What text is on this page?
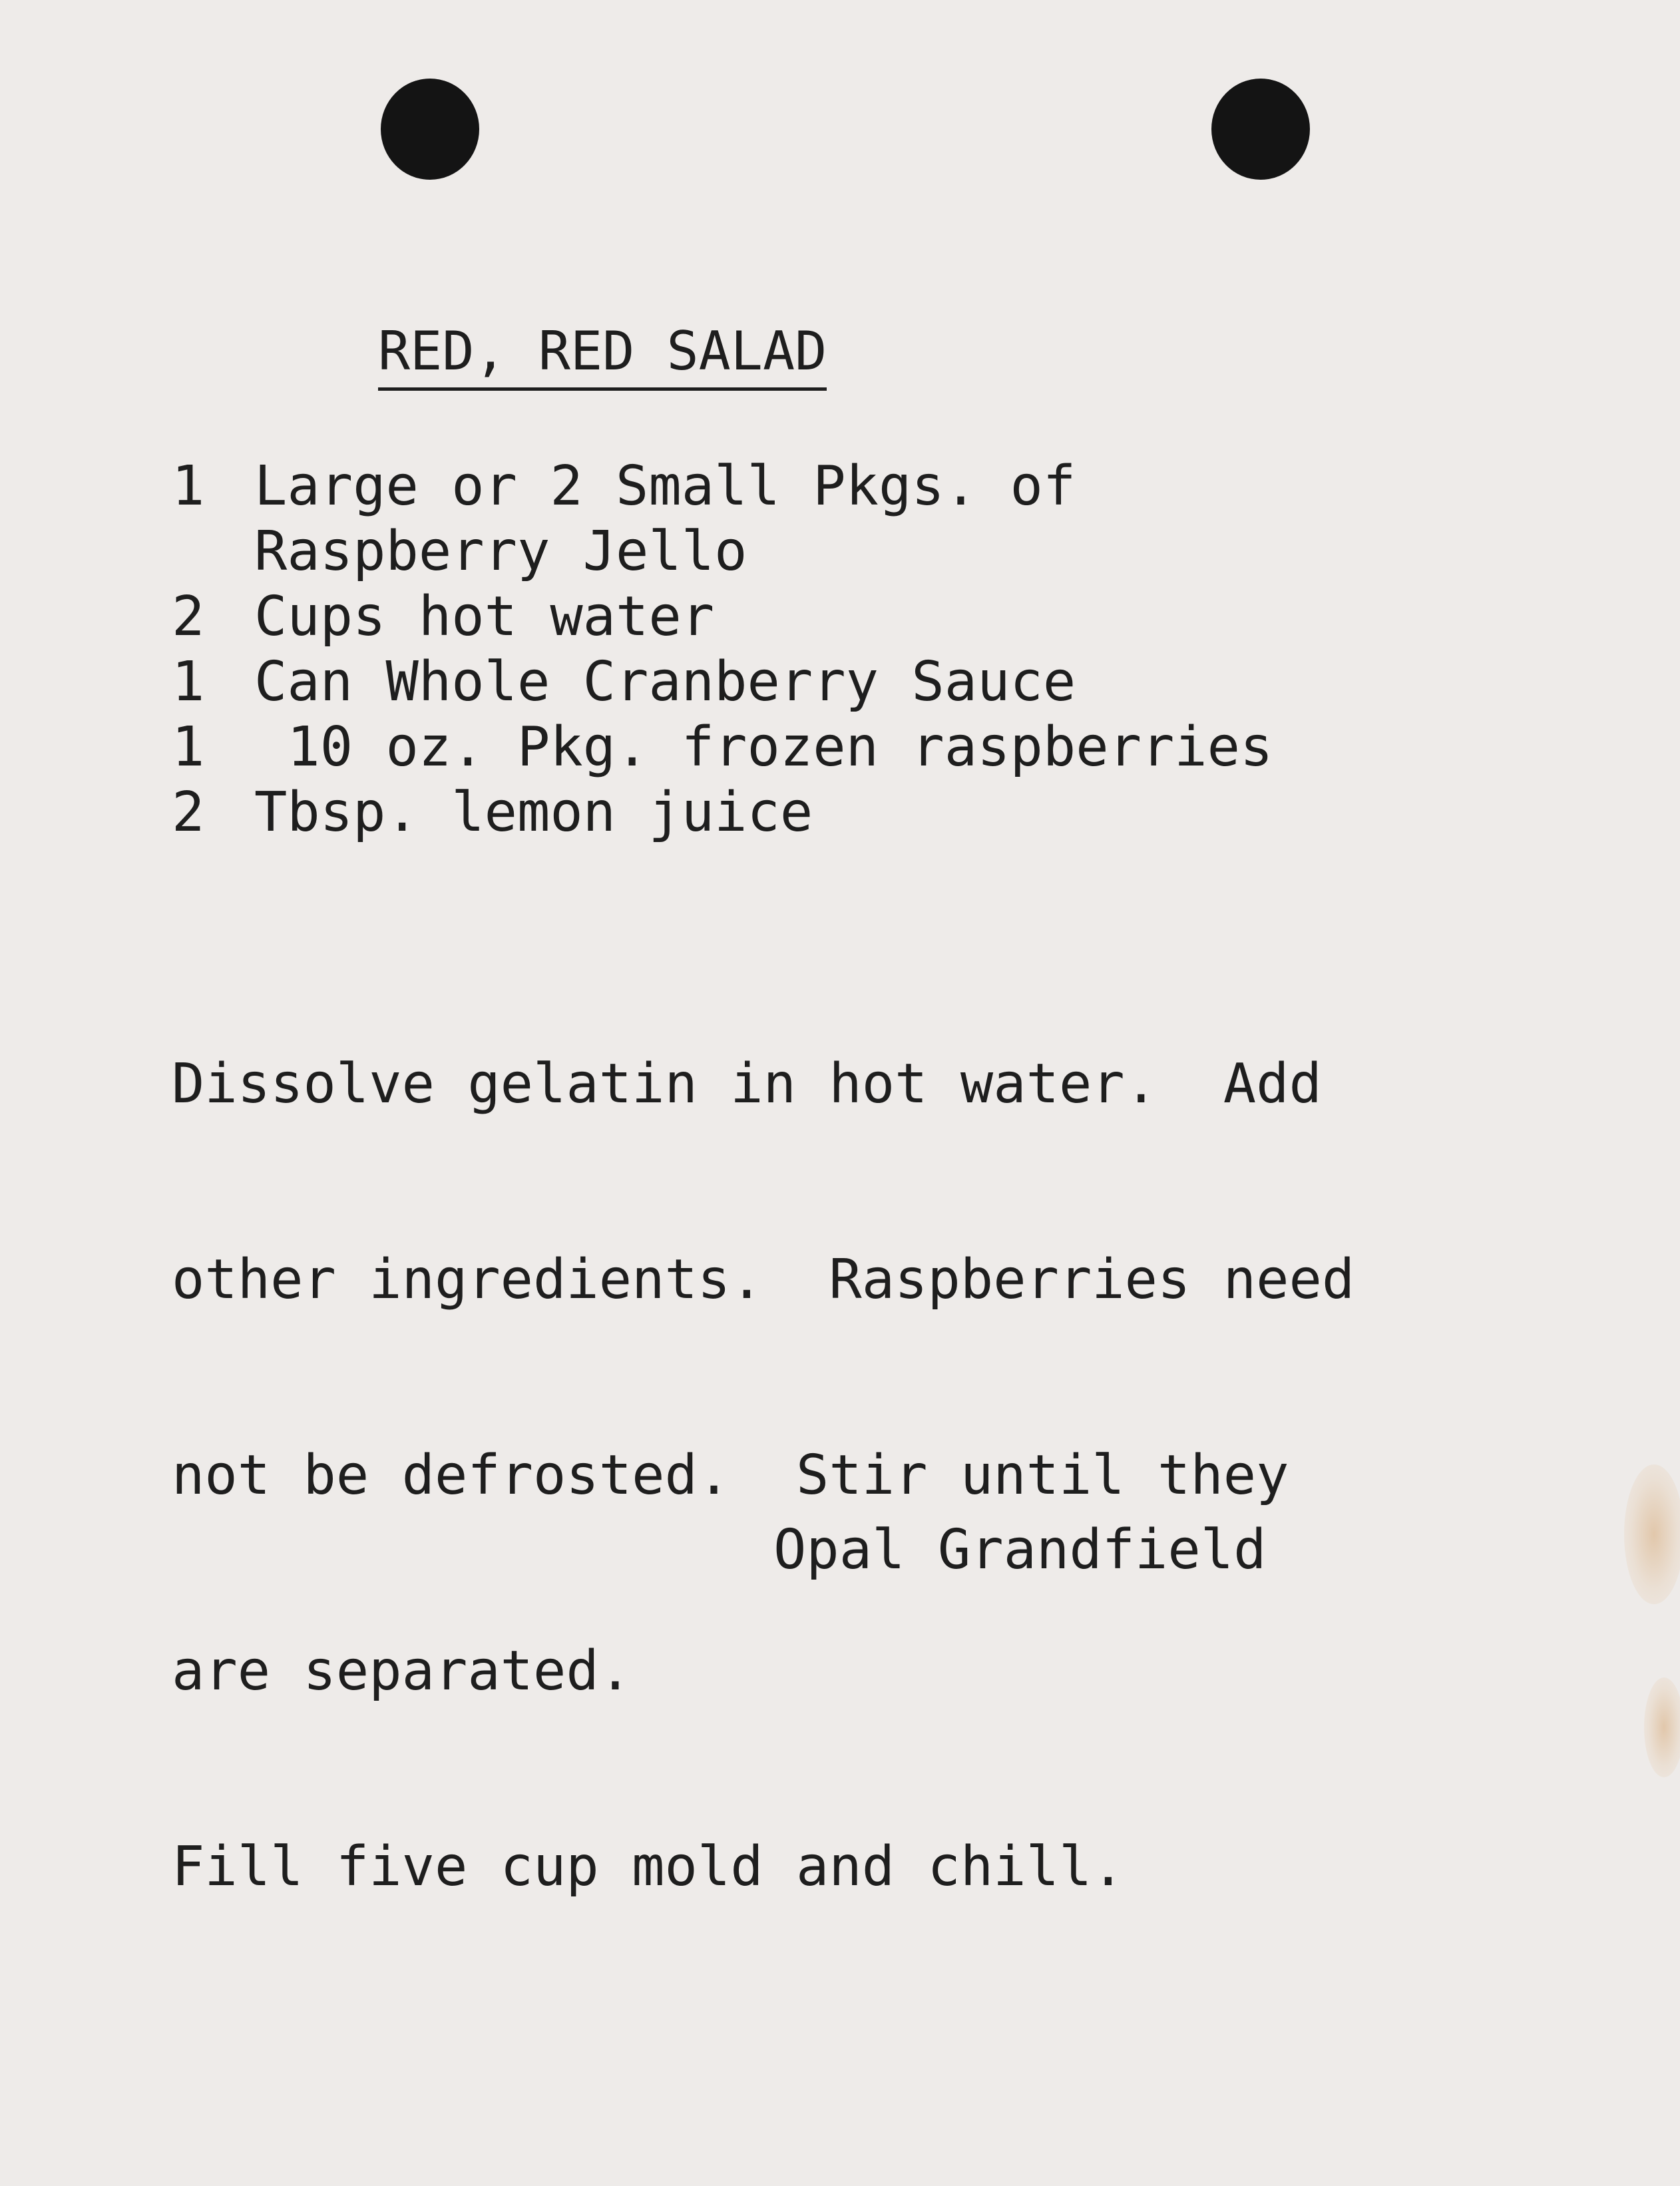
RED, RED SALAD
1 Large or 2 Small Pkgs. of
Raspberry Jello
2 Cups hot water
1 Can Whole Cranberry Sauce
1 10 oz. Pkg. frozen raspberries
2 Tbsp. lemon juice

Dissolve gelatin in hot water.  Add

other ingredients.  Raspberries need

not be defrosted.  Stir until they

are separated.

Fill five cup mold and chill.

Opal Grandfield
